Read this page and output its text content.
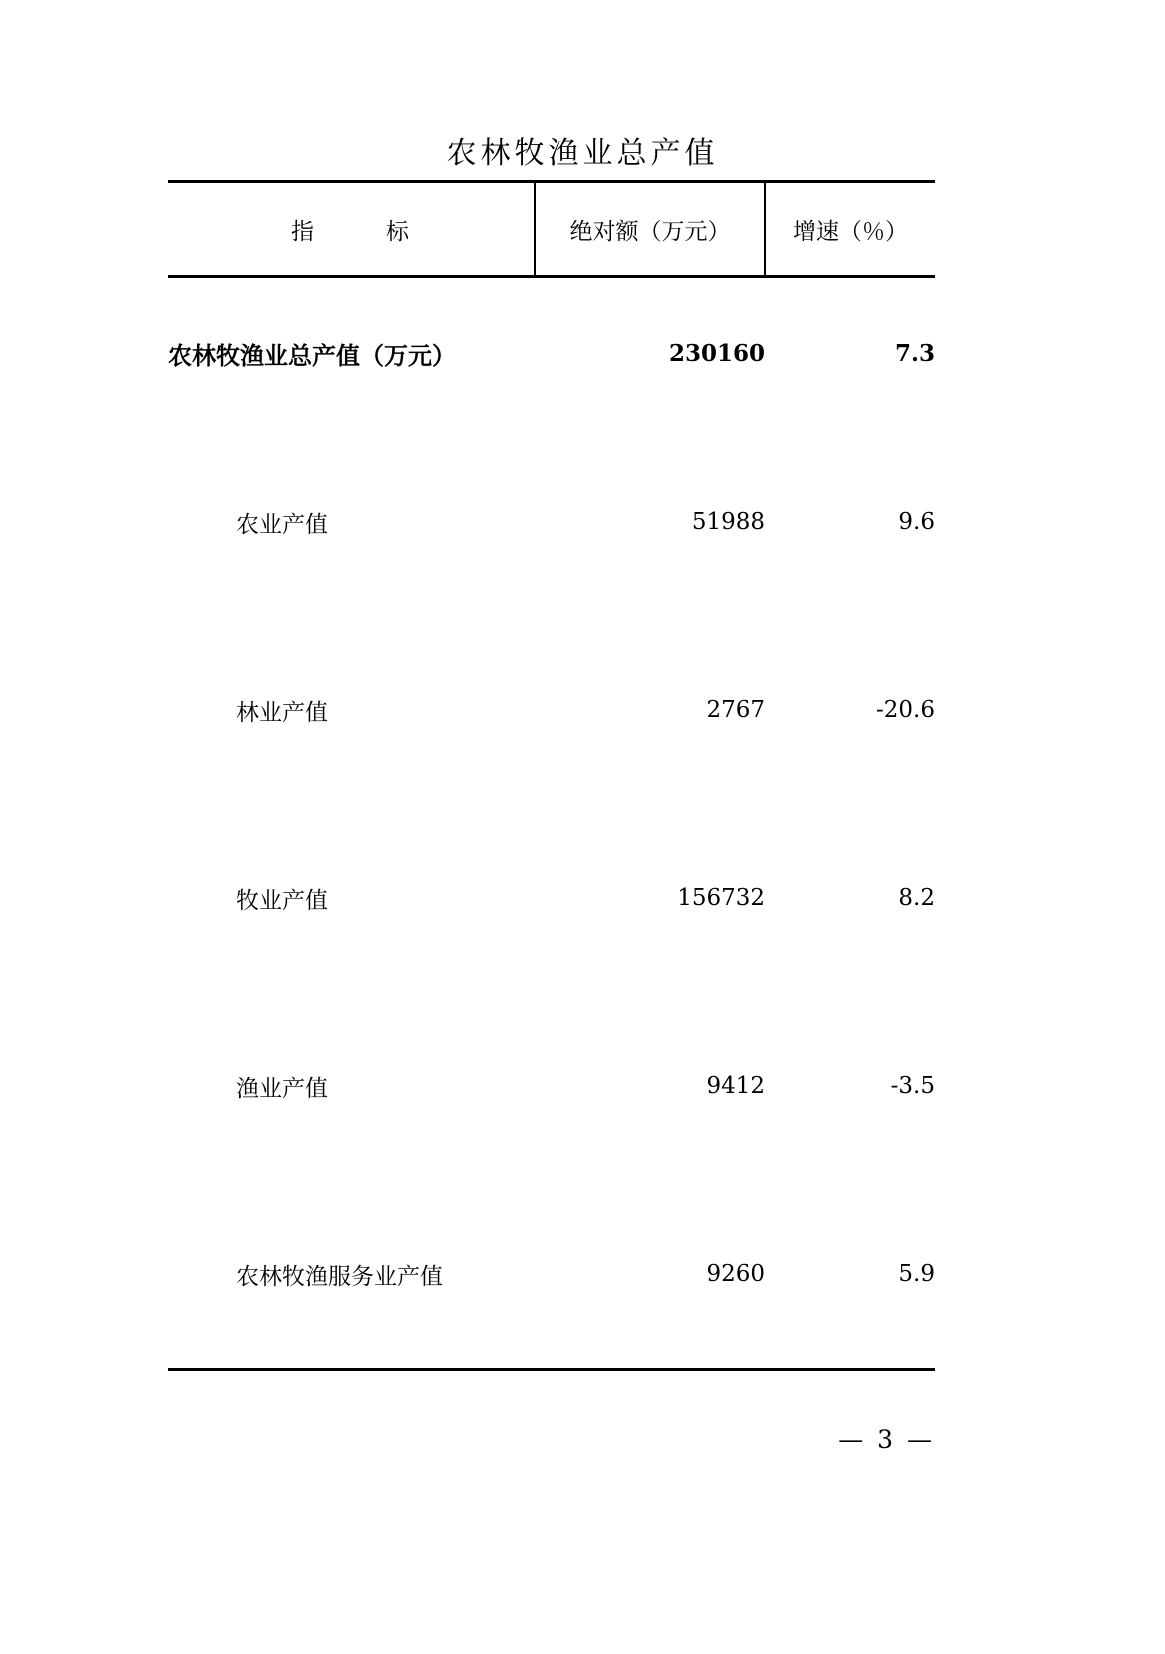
农林牧渔业总产值
指 标	绝对额（万元）	增速（％）
农林牧渔业总产值（万元）	230160	7.3
农业产值	51988	9.6
林业产值	2767	-20.6
牧业产值	156732	8.2
渔业产值	9412	-3.5
农林牧渔服务业产值	9260	5.9
— 3 —
